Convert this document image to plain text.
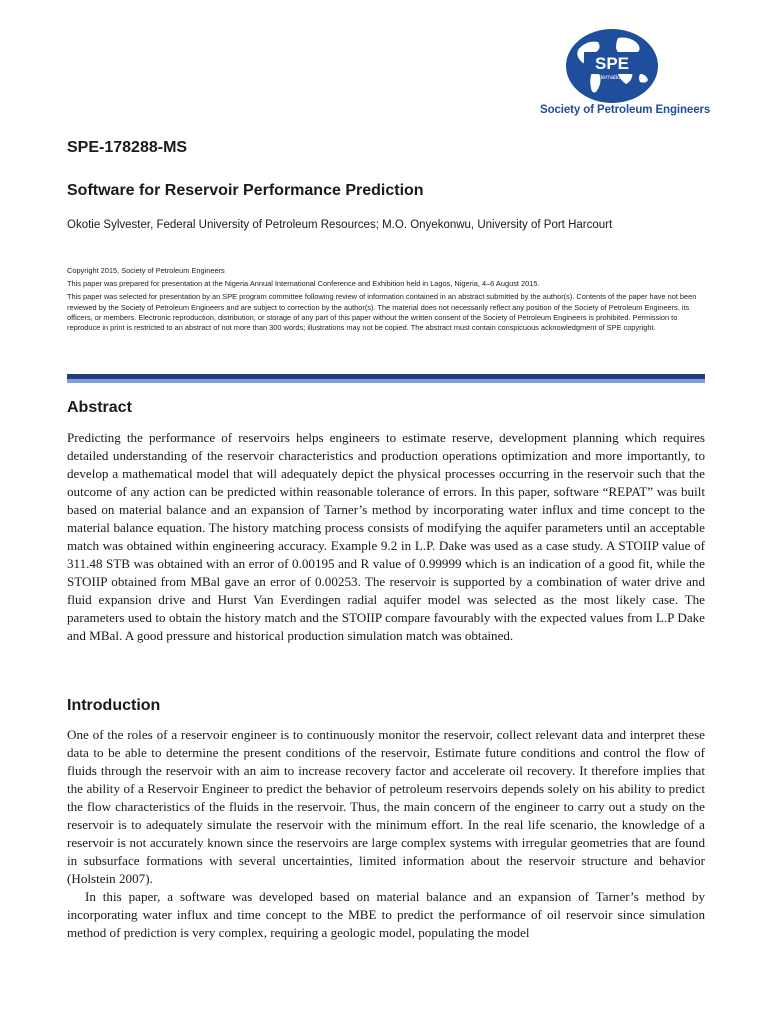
SPE
International
Society of Petroleum Engineers
SPE-178288-MS
Software for Reservoir Performance Prediction
Okotie Sylvester, Federal University of Petroleum Resources; M.O. Onyekonwu, University of Port Harcourt

Copyright 2015, Society of Petroleum Engineers

This paper was prepared for presentation at the Nigeria Annual International Conference and Exhibition held in Lagos, Nigeria, 4–6 August 2015.

This paper was selected for presentation by an SPE program committee following review of information contained in an abstract submitted by the author(s). Contents of the paper have not been reviewed by the Society of Petroleum Engineers and are subject to correction by the author(s). The material does not necessarily reflect any position of the Society of Petroleum Engineers, its officers, or members. Electronic reproduction, distribution, or storage of any part of this paper without the written consent of the Society of Petroleum Engineers is prohibited. Permission to reproduce in print is restricted to an abstract of not more than 300 words; illustrations may not be copied. The abstract must contain conspicuous acknowledgment of SPE copyright.

Abstract

Predicting the performance of reservoirs helps engineers to estimate reserve, development planning which requires detailed understanding of the reservoir characteristics and production operations optimization and more importantly, to develop a mathematical model that will adequately depict the physical processes occurring in the reservoir such that the outcome of any action can be predicted within reasonable tolerance of errors. In this paper, software “REPAT” was built based on material balance and an expansion of Tarner’s method by incorporating water influx and time concept to the material balance equation. The history matching process consists of modifying the aquifer parameters until an acceptable match was obtained within engineering accuracy. Example 9.2 in L.P. Dake was used as a case study. A STOIIP value of 311.48 STB was obtained with an error of 0.00195 and R value of 0.99999 which is an indication of a good fit, while the STOIIP obtained from MBal gave an error of 0.00253. The reservoir is supported by a combination of water drive and fluid expansion drive and Hurst Van Everdingen radial aquifer model was selected as the most likely case. The parameters used to obtain the history match and the STOIIP compare favourably with the expected values from L.P Dake and MBal. A good pressure and historical production simulation match was obtained.

Introduction

One of the roles of a reservoir engineer is to continuously monitor the reservoir, collect relevant data and interpret these data to be able to determine the present conditions of the reservoir, Estimate future conditions and control the flow of fluids through the reservoir with an aim to increase recovery factor and accelerate oil recovery. It therefore implies that the ability of a Reservoir Engineer to predict the behavior of petroleum reservoirs depends solely on his ability to predict the flow characteristics of the fluids in the reservoir. Thus, the main concern of the engineer to carry out a study on the reservoir is to adequately simulate the reservoir with the minimum effort. In the real life scenario, the knowledge of a reservoir is not accurately known since the reservoirs are large complex systems with irregular geometries that are found in subsurface formations with several uncertainties, limited information about the reservoir structure and behavior (Holstein 2007).

In this paper, a software was developed based on material balance and an expansion of Tarner’s method by incorporating water influx and time concept to the MBE to predict the performance of oil reservoir since simulation method of prediction is very complex, requiring a geologic model, populating the model
